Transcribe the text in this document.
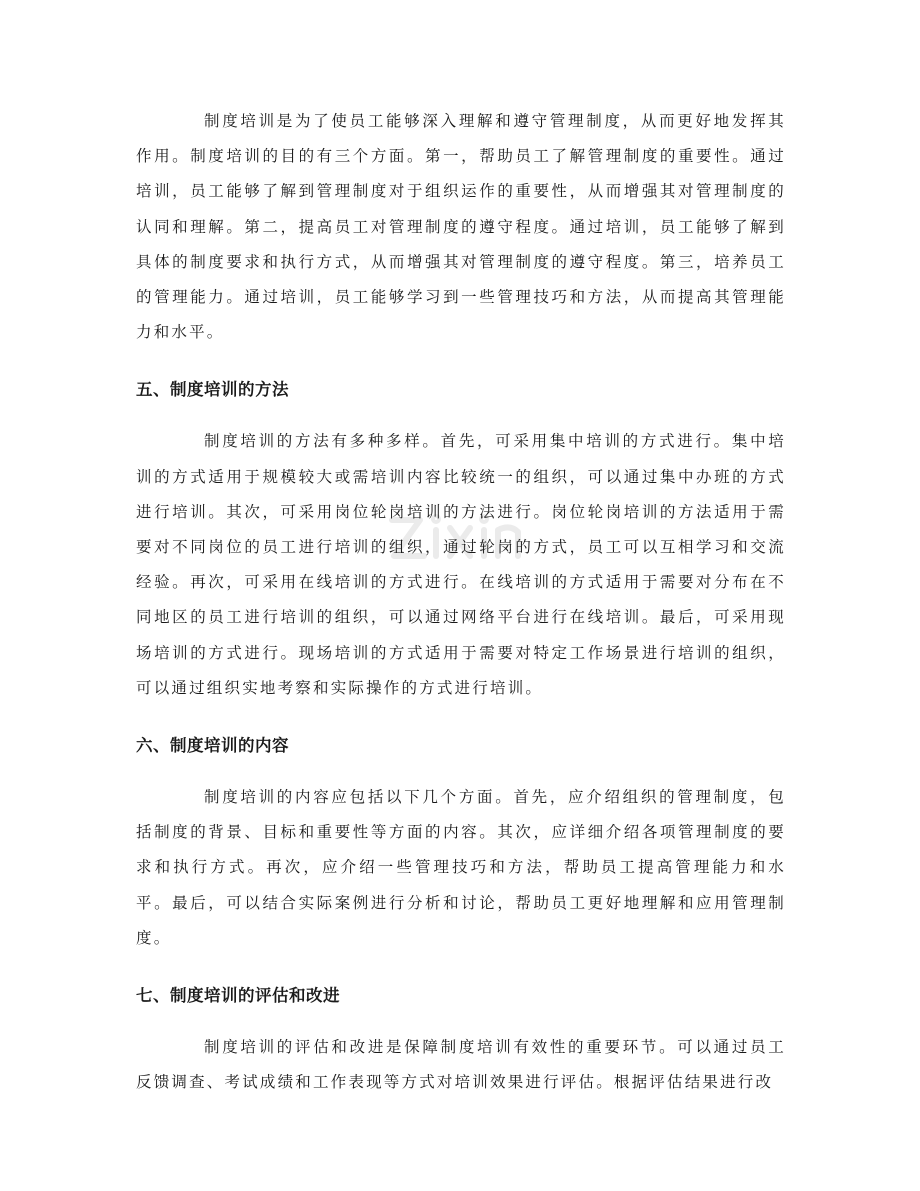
制度培训是为了使员工能够深入理解和遵守管理制度，从而更好地发挥其作用。制度培训的目的有三个方面。第一，帮助员工了解管理制度的重要性。通过培训，员工能够了解到管理制度对于组织运作的重要性，从而增强其对管理制度的认同和理解。第二，提高员工对管理制度的遵守程度。通过培训，员工能够了解到具体的制度要求和执行方式，从而增强其对管理制度的遵守程度。第三，培养员工的管理能力。通过培训，员工能够学习到一些管理技巧和方法，从而提高其管理能力和水平。

五、制度培训的方法

制度培训的方法有多种多样。首先，可采用集中培训的方式进行。集中培训的方式适用于规模较大或需培训内容比较统一的组织，可以通过集中办班的方式进行培训。其次，可采用岗位轮岗培训的方法进行。岗位轮岗培训的方法适用于需要对不同岗位的员工进行培训的组织，通过轮岗的方式，员工可以互相学习和交流经验。再次，可采用在线培训的方式进行。在线培训的方式适用于需要对分布在不同地区的员工进行培训的组织，可以通过网络平台进行在线培训。最后，可采用现场培训的方式进行。现场培训的方式适用于需要对特定工作场景进行培训的组织，可以通过组织实地考察和实际操作的方式进行培训。

六、制度培训的内容

制度培训的内容应包括以下几个方面。首先，应介绍组织的管理制度，包括制度的背景、目标和重要性等方面的内容。其次，应详细介绍各项管理制度的要求和执行方式。再次，应介绍一些管理技巧和方法，帮助员工提高管理能力和水平。最后，可以结合实际案例进行分析和讨论，帮助员工更好地理解和应用管理制度。

七、制度培训的评估和改进

制度培训的评估和改进是保障制度培训有效性的重要环节。可以通过员工反馈调查、考试成绩和工作表现等方式对培训效果进行评估。根据评估结果进行改
